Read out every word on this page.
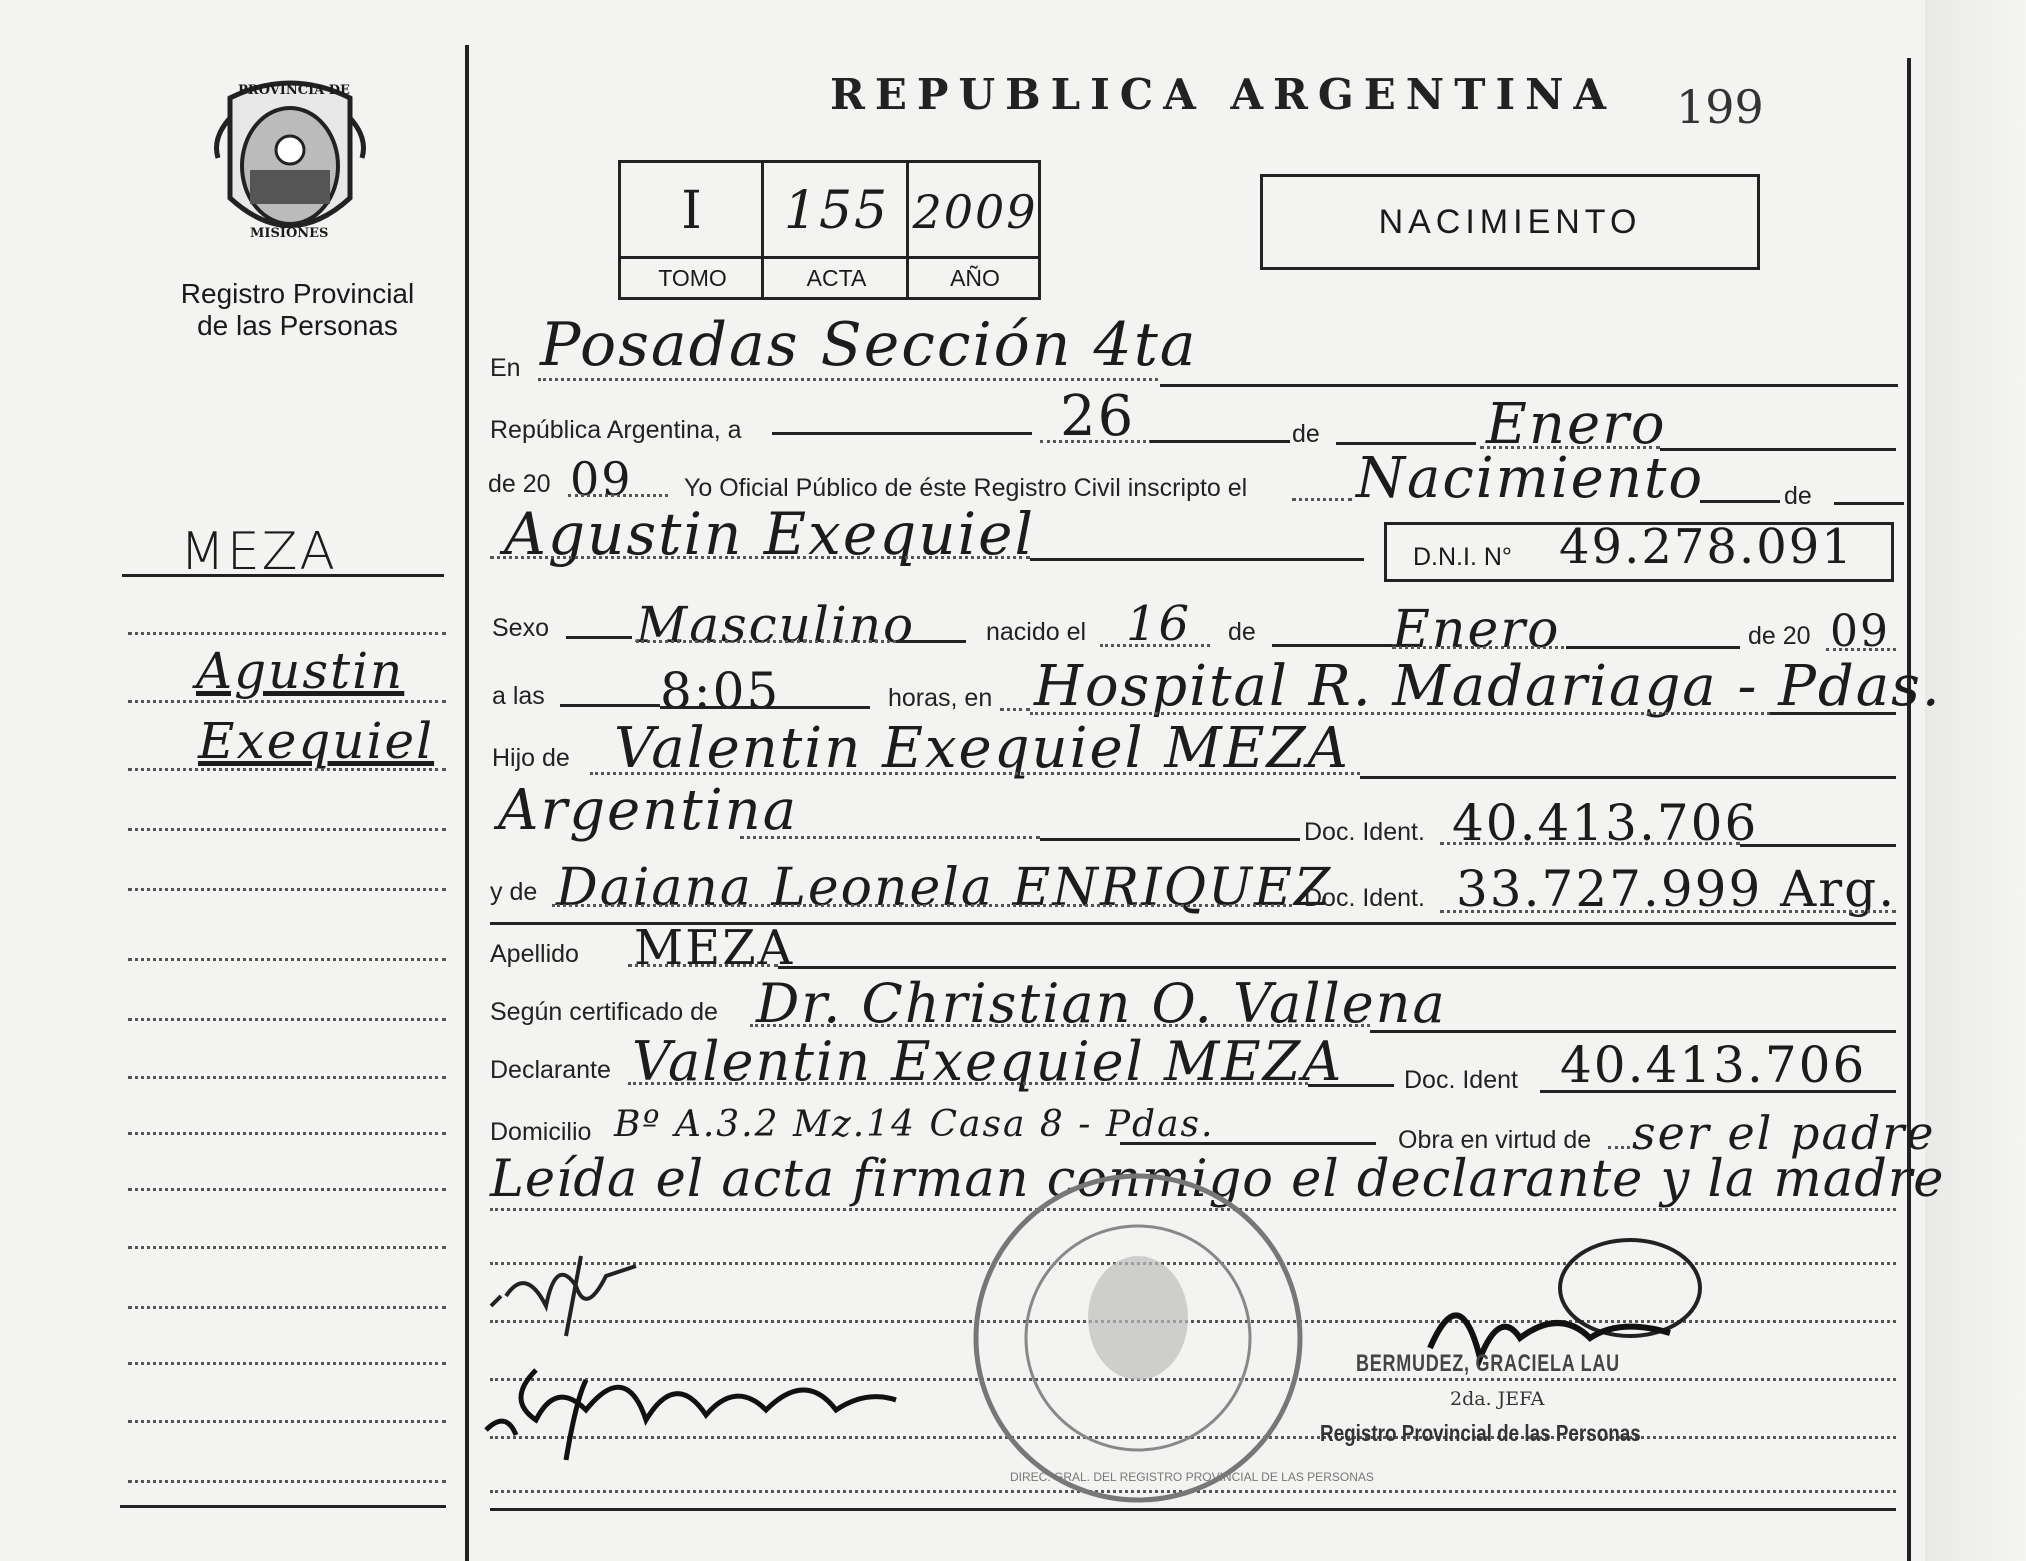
PROVINCIA DE
MISIONES
Registro Provincial
de las Personas
REPUBLICA ARGENTINA 199
I	155 2009
TOMO	ACTA	AÑO
NACIMIENTO
MEZA
Agustin
Exequiel
En Posadas Sección 4ta
República Argentina, a	26	de	Enero
de 20 09 Yo Oficial Público de éste Registro Civil inscripto el Nacimiento	de
Agustin Exequiel	D.N.I. N° 49.278.091
Sexo Masculino	nacido el 16 de	Enero	de 20 09
a las 8:05	horas, en Hospital R. Madariaga - Pdas.
Hijo de Valentin Exequiel MEZA
Argentina	Doc. Ident. 40.413.706
y de Daiana Leonela ENRIQUEZ
Doc. Ident. 33.727.999 Arg.
Apellido MEZA
Según certificado de Dr. Christian O. Vallena
Declarante Valentin Exequiel MEZA Doc. Ident 40.413.706
Domicilio Bº A.3.2 Mz.14 Casa 8 - Pdas.	Obra en virtud de ser el padre
Leída el acta firman conmigo el declarante y la madre
DIREC. GRAL. DEL REGISTRO PROVINCIAL DE LAS PERSONAS
BERMUDEZ, GRACIELA LAU
2da. JEFA
Registro Provincial de las Personas
